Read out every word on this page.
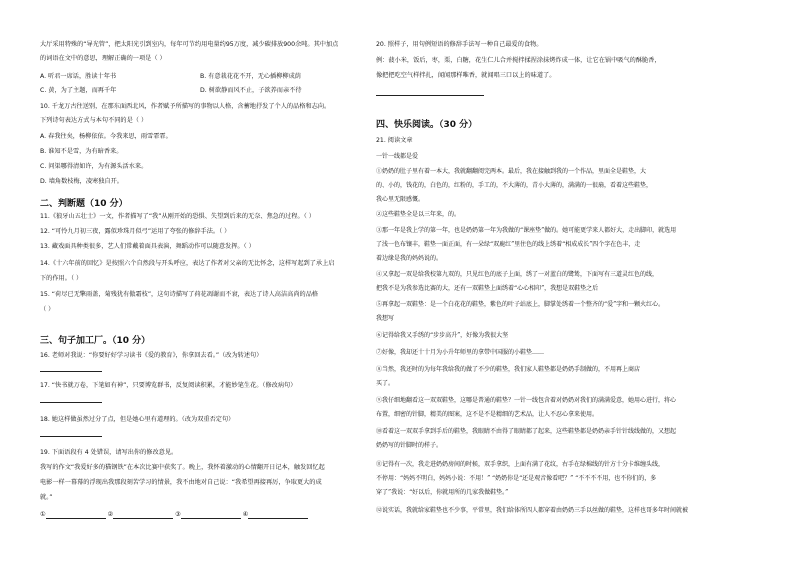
大厅采用特殊的“导光管”，把太阳光引到室内，每年可节约用电量约95万度，减少碳排放900余吨。其中加点
的词语在文中的意思，理解正确的一项是（ ）
A. 听君一席话，胜读十年书	B. 有意栽花花不开，无心插柳柳成荫
C. 黄，为了主题，而再千年	D. 树欲静而风不止，子欲养而亲不待
10. 千龙万古往送别，在那东面西北风，作者赋予所描写的事物以人格，含蓄地抒发了个人的品格和志向。
下列诗句表达方式与本句不同的是（ ）
A. 春我往矣，杨柳依依。今我来思，雨雪霏霏。
B. 谁知不是雪，为有暗香来。
C. 问渠哪得清如许，为有源头活水来。
D. 墙角数枝梅，凌寒独自开。
二、判断题（10 分）
11.《狼牙山五壮士》一文，作者描写了“我”从刚开始的恐惧、失望到后来的无奈、焦急的过程。（ ）
12. “可怜九月初三夜，露似珍珠月似弓”运用了夸张的修辞手法。（ ）
13. 藏戏面具种类很多，艺人们常戴着面具表演，舞蹈动作可以随意发挥。（ ）
14.《十六年前的回忆》是按照六个自然段与开头呼应，表达了作者对父亲的无比怀念，这样写起到了承上启
下的作用。（ ）
15. “荷尽已无擎雨盖，菊残犹有傲霜枝”，这句诗描写了荷花凋谢而不衰，表达了诗人高洁高尚的品格
（ ）
三、句子加工厂。（10 分）
16. 老师对我说：“你要好好学习读书《爱的教育》，你拿回去看。”（改为转述句）
17. “快书就万卷，下笔如有神”，只要博览群书，反复阅读积累，才能妙笔生花。（修改病句）
18. 她这样做虽然过分了点，但是她心里有道理的。（改为双重否定句）
19. 下面语段有 4 处错误，请写出你的修改意见。
我写的作文“我爱好多的猫钢铁”在本次比赛中获奖了。晚上，我怀着激动的心情翻开日记本，触发回忆起
电影一样一幕幕的浮现出我那段刻苦学习的情景，我不由地对自己说：“我希望再接再厉，争取更大的成
就。”
①	②	③	④
20. 照样子，用句例短语的修辞手法写一种自己最爱的食物。
例：菠小米，饭后，枣，栗，白糖，花生仁儿合并搅拌揉捏涂抹烤炸成一体，让它在锅中吸气的酥脆香，
像把把吃空气样拌扎，闻闻那样唯香，就闻唱三口以上的味道了。
四、快乐阅读。（30 分）
21. 阅读文章
一针一线都是爱
①奶奶的肚子里有着一本大，我就翻翻阅完两本。最后，我在接触到我的一个作品，里面全是鞋垫，大
的、小的，钱花的，白色的，红粉的，手工的，不大薄的，青小大薄的，满满的一很扇，看着这些鞋垫，
我心里无限感慨。
②这些鞋垫全是以三年来，的。
③那一年是我上学的第一年，也是奶奶第一年为我做的“课座垫”做的。她可能更学来人都好大，走出脚印，就选用
了浅一色布镶丰，鞋垫一面正面，有一朵绿“双鹿红”里住色的线上绣着“相成成长”四个字在色丰，走
着边缘是我的妈妈说的。
④又拿起一双是给我校第九双的，只见红色的底子上面，绣了一对蓝白的鹭鸶，下面写有三道灵红色的线，
把我不是为我参选比赛的大，还有一双鞋垫上面绣着“心心相印”，我想是双鞋垫之后
⑤再拿起一双鞋垫：是一个白花花的鞋垫，紫色的叶子站底上，脚掌处绣着一个整齐的“爱”字和一颗火红心。
我想写
⑥记得给我又手绣的“步步高升”，好像为我很大坚
⑦好像，我却还十十月为小升年师里的拿带中国服的小鞋垫……
⑧当然，我还时的为每年我给我的做了不少的鞋垫，我们家人鞋垫都是奶奶手制做的，不用再上商店
买了。
⑨我仔细地翻看这一双双鞋垫，这哪是普通的鞋垫？一针一线包含着对奶奶对我们的满满爱意，她用心进行，将心
布置，细密的针脚，精美的图案，这不是不是精细的艺术品，让人不忍心拿来使用。
⑩看着这一双双手拿到手后的鞋垫，我眼睛不由得了眼睛都了起来，这些鞋垫都是奶奶亲手针针线线做的，又想起
奶奶写的针脚时的样子。
⑪记得有一次，我走进奶奶房间的时候，双手拿织，上面有满了花纹，右手在绿棉线的针方十分卡维缠头线，
不停用：“妈妈不明白，妈妈小说：不用！” “奶奶你是“还是观音像看吧？” “不不不不用，也不你们的，多
穿了”我说：“好以后，你就用所的几家我做鞋垫。”
⑫说实话，我就给家鞋垫也不少事，平常里，我们给体所四人都穿着由奶奶三手以丝做的鞋垫，这样也哥多年时间就被
